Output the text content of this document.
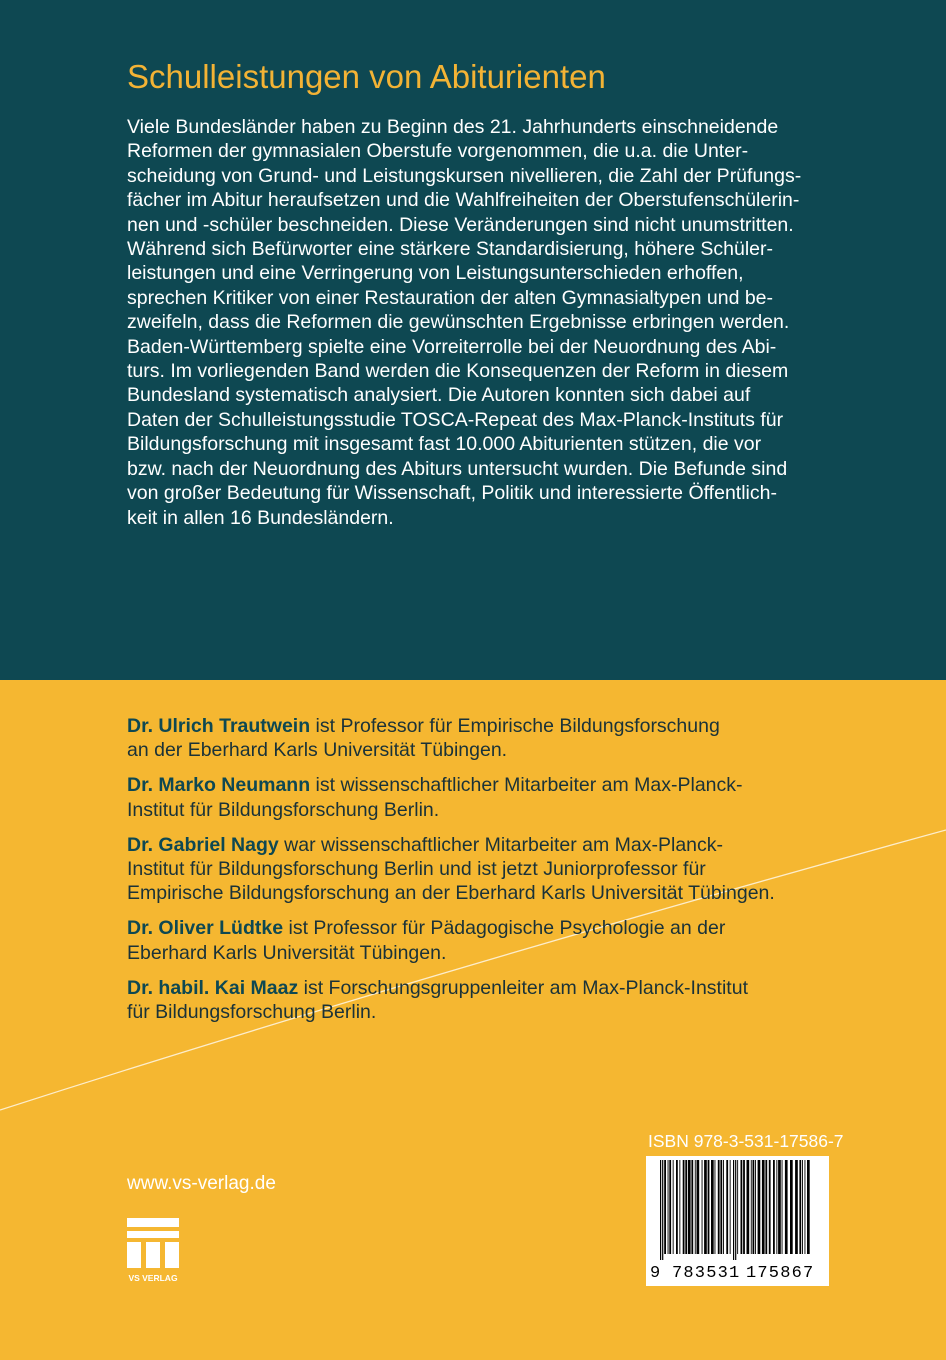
Schulleistungen von Abiturienten
Viele Bundesländer haben zu Beginn des 21. Jahrhunderts einschneidende
Reformen der gymnasialen Oberstufe vorgenommen, die u.a. die Unter-
scheidung von Grund- und Leistungskursen nivellieren, die Zahl der Prüfungs-
fächer im Abitur heraufsetzen und die Wahlfreiheiten der Oberstufenschülerin-
nen und -schüler beschneiden. Diese Veränderungen sind nicht unumstritten.
Während sich Befürworter eine stärkere Standardisierung, höhere Schüler-
leistungen und eine Verringerung von Leistungsunterschieden erhoffen,
sprechen Kritiker von einer Restauration der alten Gymnasialtypen und be-
zweifeln, dass die Reformen die gewünschten Ergebnisse erbringen werden.
Baden-Württemberg spielte eine Vorreiterrolle bei der Neuordnung des Abi-
turs. Im vorliegenden Band werden die Konsequenzen der Reform in diesem
Bundesland systematisch analysiert. Die Autoren konnten sich dabei auf
Daten der Schulleistungsstudie TOSCA-Repeat des Max-Planck-Instituts für
Bildungsforschung mit insgesamt fast 10.000 Abiturienten stützen, die vor
bzw. nach der Neuordnung des Abiturs untersucht wurden. Die Befunde sind
von großer Bedeutung für Wissenschaft, Politik und interessierte Öffentlich-
keit in allen 16 Bundesländern.
Dr. Ulrich Trautwein ist Professor für Empirische Bildungsforschung
an der Eberhard Karls Universität Tübingen.
Dr. Marko Neumann ist wissenschaftlicher Mitarbeiter am Max-Planck-
Institut für Bildungsforschung Berlin.
Dr. Gabriel Nagy war wissenschaftlicher Mitarbeiter am Max-Planck-
Institut für Bildungsforschung Berlin und ist jetzt Juniorprofessor für
Empirische Bildungsforschung an der Eberhard Karls Universität Tübingen.
Dr. Oliver Lüdtke ist Professor für Pädagogische Psychologie an der
Eberhard Karls Universität Tübingen.
Dr. habil. Kai Maaz ist Forschungsgruppenleiter am Max-Planck-Institut
für Bildungsforschung Berlin.
www.vs-verlag.de
VS VERLAG
ISBN 978-3-531-17586-7
9 783531 175867
